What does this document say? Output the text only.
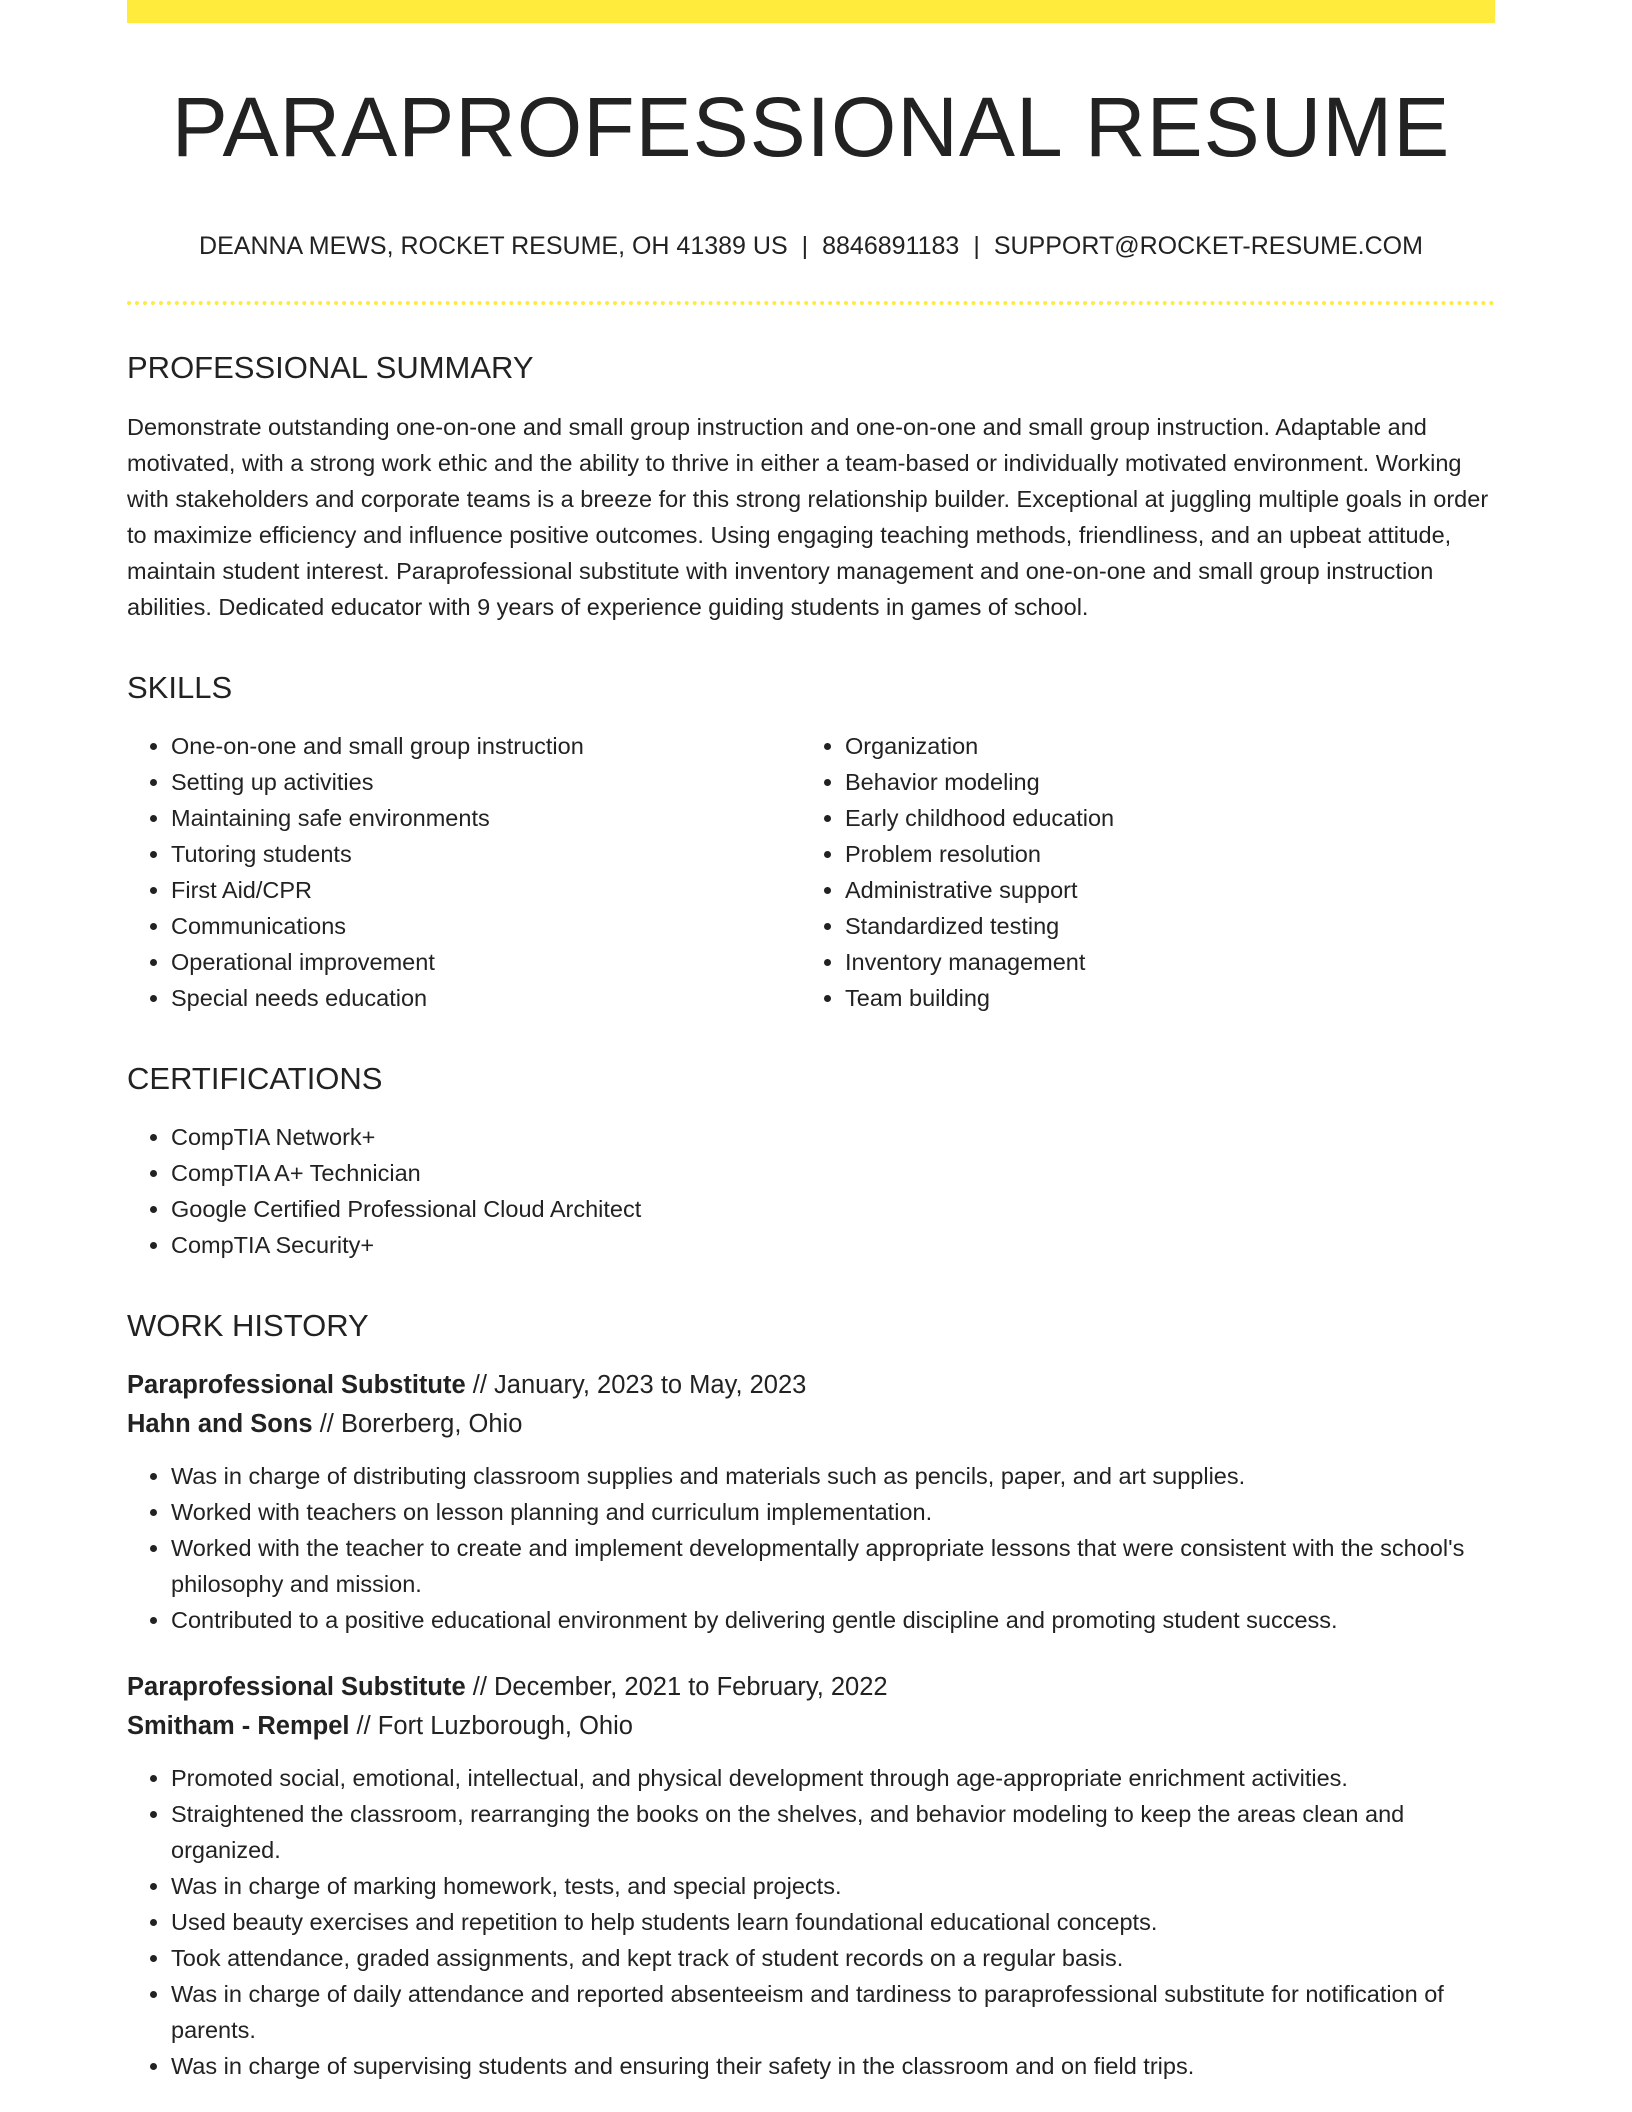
PARAPROFESSIONAL RESUME
DEANNA MEWS, ROCKET RESUME, OH 41389 US | 8846891183 | SUPPORT@ROCKET-RESUME.COM
PROFESSIONAL SUMMARY

Demonstrate outstanding one-on-one and small group instruction and one-on-one and small group instruction. Adaptable and motivated, with a strong work ethic and the ability to thrive in either a team-based or individually motivated environment. Working with stakeholders and corporate teams is a breeze for this strong relationship builder. Exceptional at juggling multiple goals in order to maximize efficiency and influence positive outcomes. Using engaging teaching methods, friendliness, and an upbeat attitude, maintain student interest. Paraprofessional substitute with inventory management and one-on-one and small group instruction abilities. Dedicated educator with 9 years of experience guiding students in games of school.

SKILLS
• One-on-one and small group instruction
• Setting up activities
• Maintaining safe environments
• Tutoring students
• First Aid/CPR
• Communications
• Operational improvement
• Special needs education
• Organization
• Behavior modeling
• Early childhood education
• Problem resolution
• Administrative support
• Standardized testing
• Inventory management
• Team building
CERTIFICATIONS
• CompTIA Network+
• CompTIA A+ Technician
• Google Certified Professional Cloud Architect
• CompTIA Security+
WORK HISTORY
Paraprofessional Substitute // January, 2023 to May, 2023
Hahn and Sons // Borerberg, Ohio
• Was in charge of distributing classroom supplies and materials such as pencils, paper, and art supplies.
• Worked with teachers on lesson planning and curriculum implementation.
• Worked with the teacher to create and implement developmentally appropriate lessons that were consistent with the school's philosophy and mission.
• Contributed to a positive educational environment by delivering gentle discipline and promoting student success.
Paraprofessional Substitute // December, 2021 to February, 2022
Smitham - Rempel // Fort Luzborough, Ohio
• Promoted social, emotional, intellectual, and physical development through age-appropriate enrichment activities.
• Straightened the classroom, rearranging the books on the shelves, and behavior modeling to keep the areas clean and organized.
• Was in charge of marking homework, tests, and special projects.
• Used beauty exercises and repetition to help students learn foundational educational concepts.
• Took attendance, graded assignments, and kept track of student records on a regular basis.
• Was in charge of daily attendance and reported absenteeism and tardiness to paraprofessional substitute for notification of parents.
• Was in charge of supervising students and ensuring their safety in the classroom and on field trips.
